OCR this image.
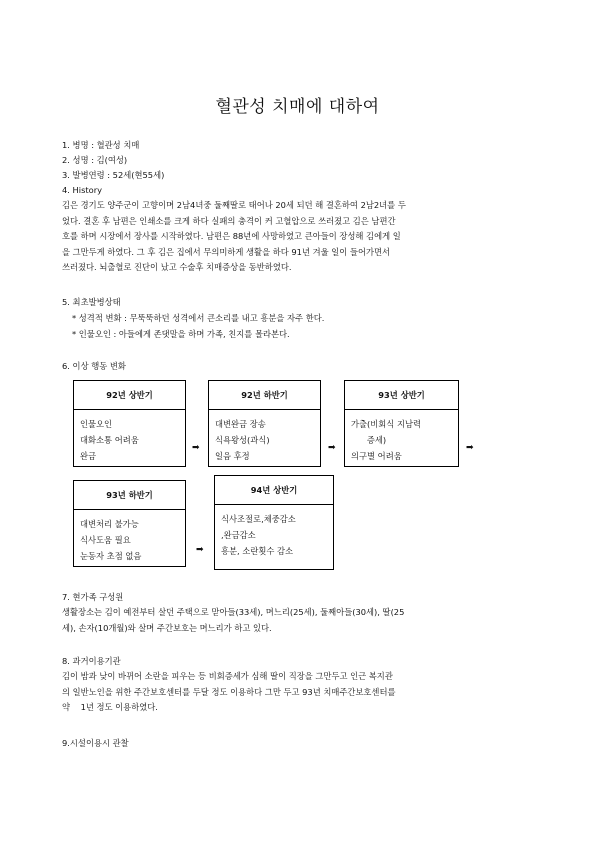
혈관성 치매에 대하여
1. 병명 : 혈관성 치매
2. 성명 : 김(여성)
3. 발병연령 : 52세(현55세)
4. History
김은 경기도 양주군이 고향이며 2남4녀중 둘째딸로 태어나 20세 되던 해 결혼하여 2남2녀를 두
었다. 결혼 후 남편은 인쇄소를 크게 하다 실패의 충격이 커 고혈압으로 쓰러졌고 김은 남편간
호를 하며 시장에서 장사를 시작하였다. 남편은 88년에 사망하였고 큰아들이 장성해 김에게 일
을 그만두게 하였다. 그 후 김은 집에서 무의미하게 생활을 하다 91년 겨울 일이 들어가면서
쓰러졌다. 뇌출혈로 진단이 났고 수술후 치매증상을 동반하였다.
5. 최초발병상태
* 성격적 변화 : 무뚝뚝하던 성격에서 큰소리를 내고 흥분을 자주 한다.
* 인물오인 : 아들에게 존댓말을 하며 가족, 친지를 몰라본다.
6. 이상 행동 변화
92년 상반기
인물오인
대화소통 어려움
완금
➡
92년 하반기
대변완금 장송
식욕왕성(과식)
일음 후정
➡
93년 상반기
가출(비회식 지남력
증세)
의구별 어려움
➡
93년 하반기
대변처리 불가능
식사도움 필요
눈동자 초점 없음
➡
94년 상반기
식사조절로,체중감소
,완금감소
흥분, 소란횟수 감소
7. 현가족 구성원
생활장소는 김이 예전부터 살던 주택으로 맏아들(33세), 며느리(25세), 둘째아들(30세), 딸(25
세), 손자(10개월)와 살며 주간보호는 며느리가 하고 있다.
8. 과거이용기관
김이 밤과 낮이 바뀌어 소란을 피우는 등 비회증세가 심해 딸이 직장을 그만두고 인근 복지관
의 일반노인을 위한 주간보호센터를 두달 정도 이용하다 그만 두고 93년 치매주간보호센터를
약    1년 정도 이용하였다.
9.시설이용시 관찰
